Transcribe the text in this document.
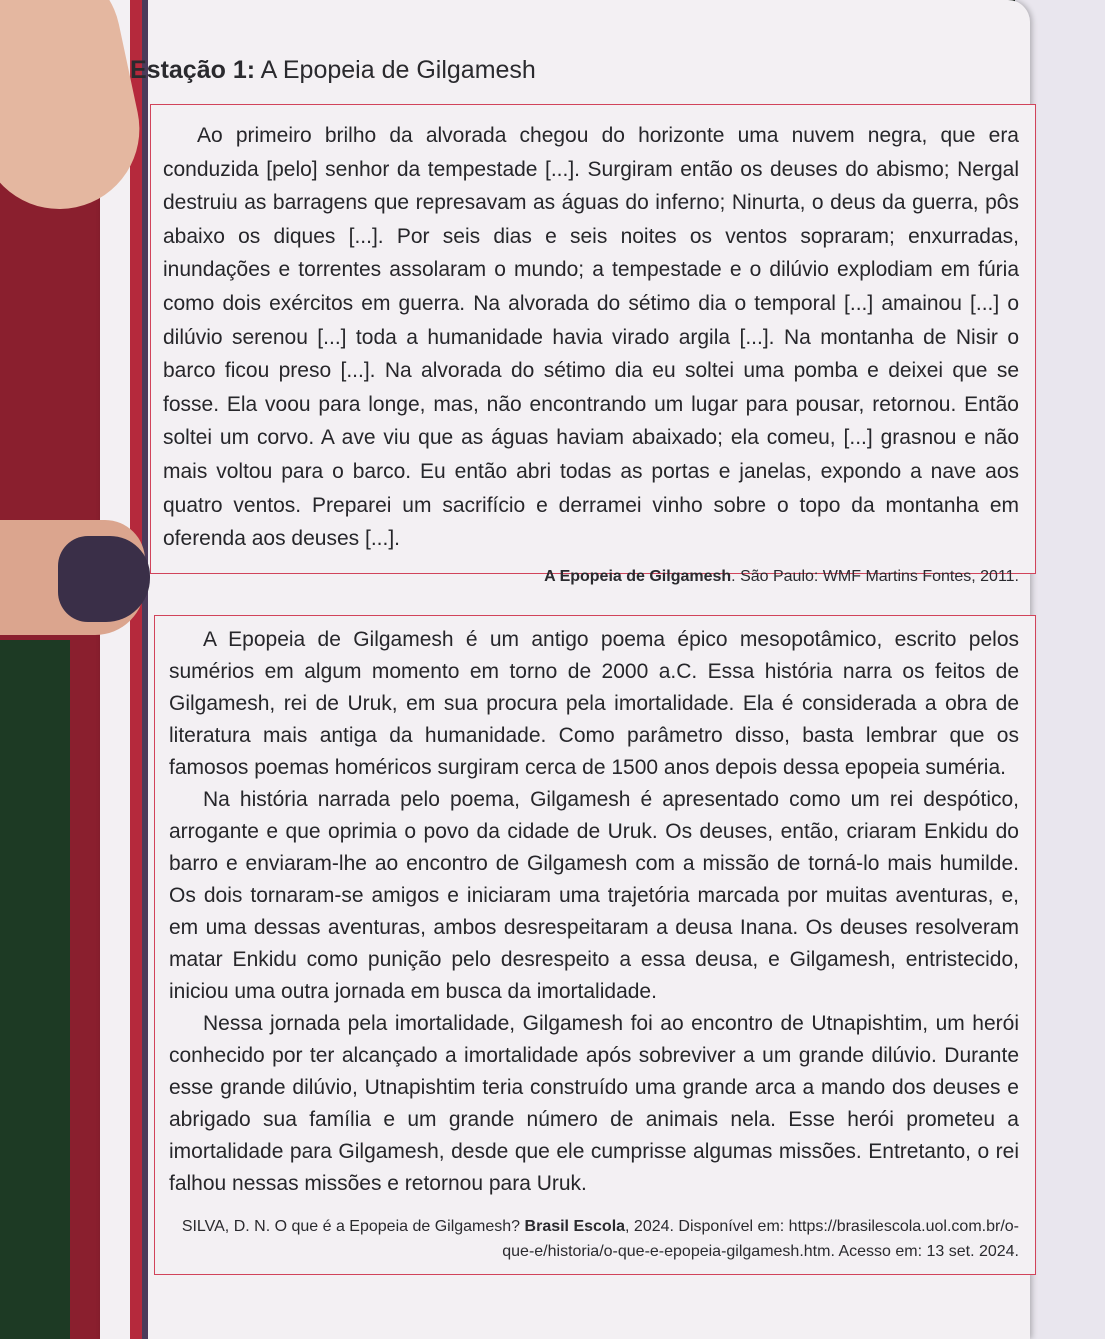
Estação 1: A Epopeia de Gilgamesh

Ao primeiro brilho da alvorada chegou do horizonte uma nuvem negra, que era conduzida [pelo] senhor da tempestade [...]. Surgiram então os deuses do abismo; Nergal destruiu as barragens que represavam as águas do inferno; Ninurta, o deus da guerra, pôs abaixo os diques [...]. Por seis dias e seis noites os ventos sopraram; enxurradas, inundações e torrentes assolaram o mundo; a tempestade e o dilúvio explodiam em fúria como dois exércitos em guerra. Na alvorada do sétimo dia o temporal [...] amainou [...] o dilúvio serenou [...] toda a humanidade havia virado argila [...]. Na montanha de Nisir o barco ficou preso [...]. Na alvorada do sétimo dia eu soltei uma pomba e deixei que se fosse. Ela voou para longe, mas, não encontrando um lugar para pousar, retornou. Então soltei um corvo. A ave viu que as águas haviam abaixado; ela comeu, [...] grasnou e não mais voltou para o barco. Eu então abri todas as portas e janelas, expondo a nave aos quatro ventos. Preparei um sacrifício e derramei vinho sobre o topo da montanha em oferenda aos deuses [...].

A Epopeia de Gilgamesh. São Paulo: WMF Martins Fontes, 2011.

A Epopeia de Gilgamesh é um antigo poema épico mesopotâmico, escrito pelos sumérios em algum momento em torno de 2000 a.C. Essa história narra os feitos de Gilgamesh, rei de Uruk, em sua procura pela imortalidade. Ela é considerada a obra de literatura mais antiga da humanidade. Como parâmetro disso, basta lembrar que os famosos poemas homéricos surgiram cerca de 1500 anos depois dessa epopeia suméria.

Na história narrada pelo poema, Gilgamesh é apresentado como um rei despótico, arrogante e que oprimia o povo da cidade de Uruk. Os deuses, então, criaram Enkidu do barro e enviaram-lhe ao encontro de Gilgamesh com a missão de torná-lo mais humilde. Os dois tornaram-se amigos e iniciaram uma trajetória marcada por muitas aventuras, e, em uma dessas aventuras, ambos desrespeitaram a deusa Inana. Os deuses resolveram matar Enkidu como punição pelo desrespeito a essa deusa, e Gilgamesh, entristecido, iniciou uma outra jornada em busca da imortalidade.

Nessa jornada pela imortalidade, Gilgamesh foi ao encontro de Utnapishtim, um herói conhecido por ter alcançado a imortalidade após sobreviver a um grande dilúvio. Durante esse grande dilúvio, Utnapishtim teria construído uma grande arca a mando dos deuses e abrigado sua família e um grande número de animais nela. Esse herói prometeu a imortalidade para Gilgamesh, desde que ele cumprisse algumas missões. Entretanto, o rei falhou nessas missões e retornou para Uruk.

SILVA, D. N. O que é a Epopeia de Gilgamesh? Brasil Escola, 2024. Disponível em: https://brasilescola.uol.com.br/o-que-e/historia/o-que-e-epopeia-gilgamesh.htm. Acesso em: 13 set. 2024.
